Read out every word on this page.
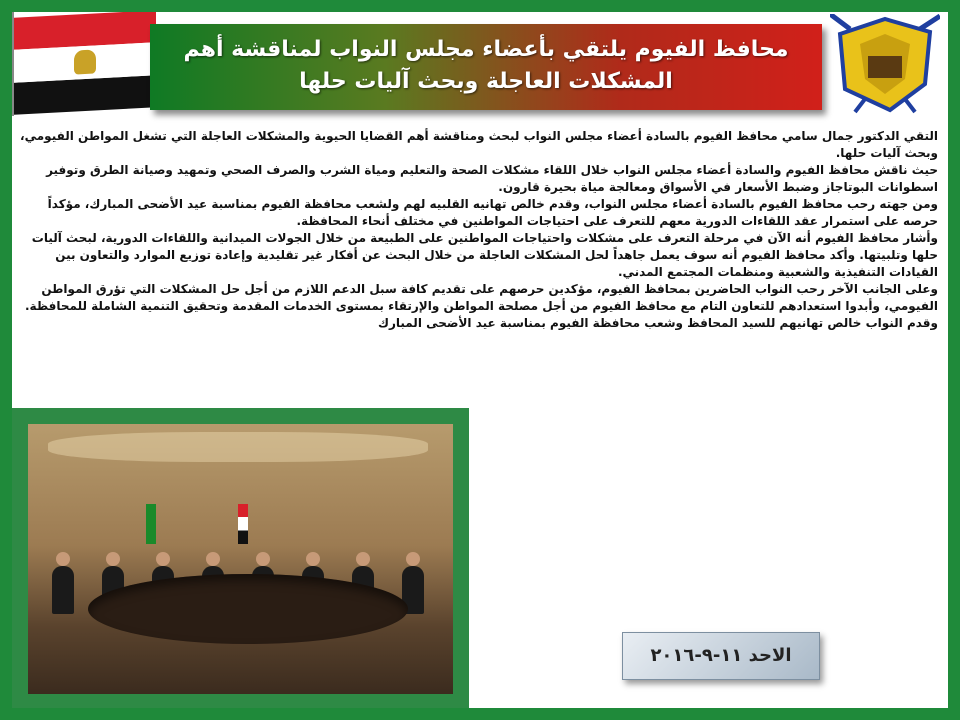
محافظ الفيوم يلتقي بأعضاء مجلس النواب لمناقشة أهم المشكلات العاجلة وبحث آليات حلها

التقي الدكتور جمال سامي محافظ الفيوم بالسادة أعضاء مجلس النواب لبحث ومناقشة أهم القضايا الحيوية والمشكلات العاجلة التي تشغل المواطن الفيومي، وبحث آليات حلها.

حيث ناقش محافظ الفيوم والسادة أعضاء مجلس النواب خلال اللقاء مشكلات الصحة والتعليم ومياة الشرب والصرف الصحي وتمهيد وصيانة الطرق وتوفير اسطوانات البوتاجاز وضبط الأسعار في الأسواق ومعالجة مياة بحيرة قارون.

ومن جهته رحب محافظ الفيوم بالسادة أعضاء مجلس النواب، وقدم خالص تهانيه القلبيه لهم ولشعب محافظة الفيوم بمناسبة عيد الأضحى المبارك، مؤكداً حرصه على استمرار عقد اللقاءات الدورية معهم للتعرف على احتياجات المواطنين في مختلف أنحاء المحافظة.

وأشار محافظ الفيوم أنه الآن في مرحلة التعرف على مشكلات واحتياجات المواطنين على الطبيعة من خلال الجولات الميدانية واللقاءات الدورية، لبحث آليات حلها وتلبيتها. وأكد محافظ الفيوم أنه سوف يعمل جاهداً لحل المشكلات العاجلة من خلال البحث عن أفكار غير تقليدية وإعادة توزيع الموارد والتعاون بين القيادات التنفيذية والشعبية ومنظمات المجتمع المدني.

وعلى الجانب الآخر رحب النواب الحاضرين بمحافظ الفيوم، مؤكدين حرصهم على تقديم كافة سبل الدعم اللازم من أجل حل المشكلات التي تؤرق المواطن الفيومي، وأبدوا استعدادهم للتعاون التام مع محافظ الفيوم من أجل مصلحة المواطن والإرتقاء بمستوى الخدمات المقدمة وتحقيق التنمية الشاملة للمحافظة.

وقدم النواب خالص تهانيهم للسيد المحافظ وشعب محافظة الفيوم بمناسبة عيد الأضحى المبارك

الاحد ١١-٩-٢٠١٦
